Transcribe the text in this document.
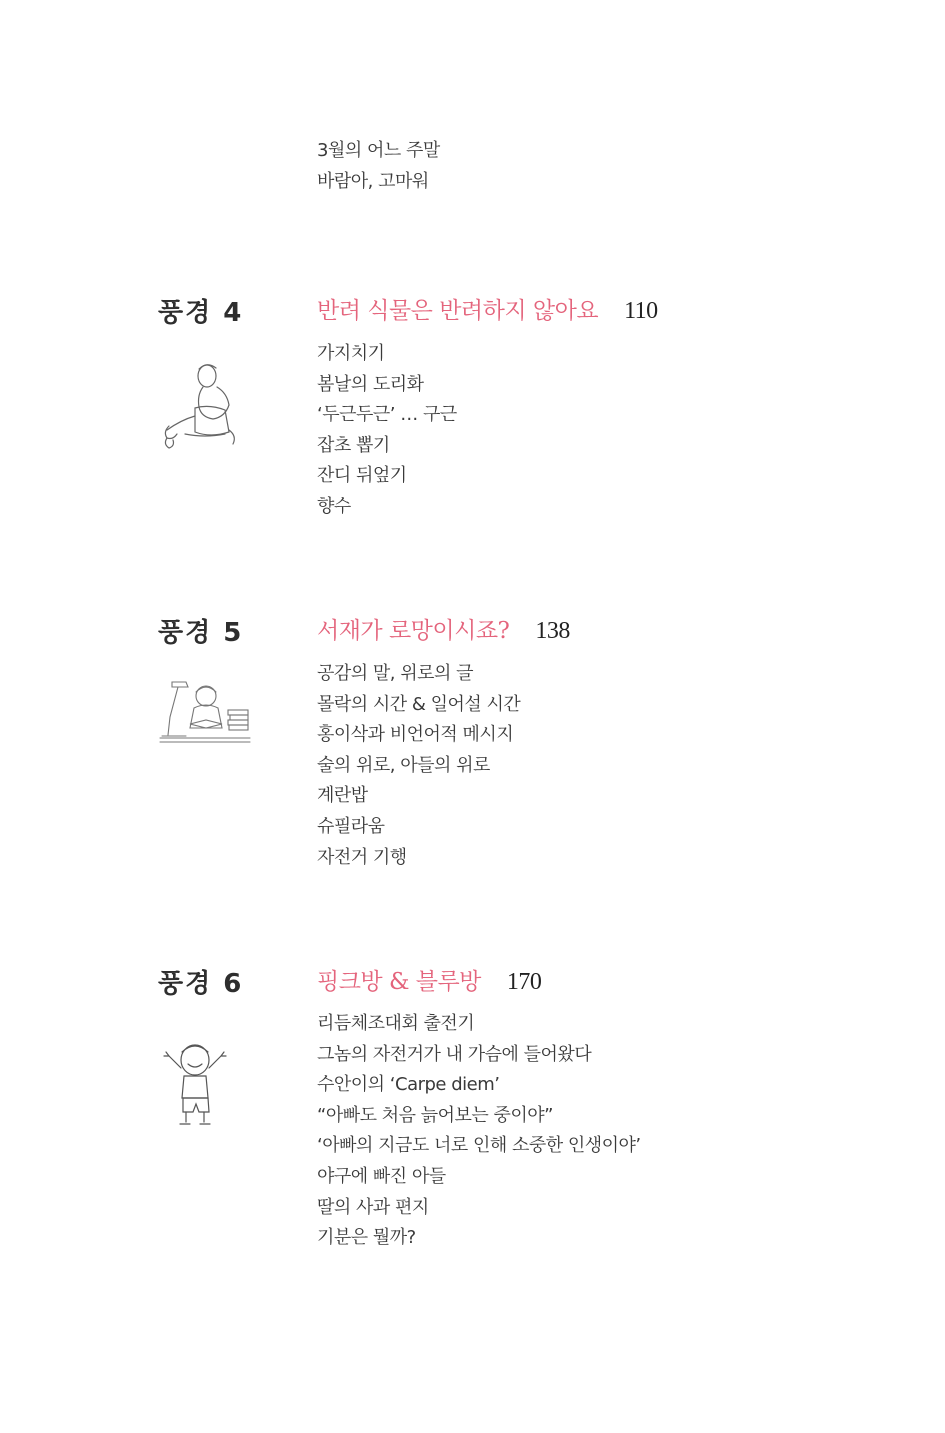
3월의 어느 주말
바람아, 고마워
풍경 4	반려 식물은 반려하지 않아요 110
가지치기
봄날의 도리화
‘두근두근’ … 구근
잡초 뽑기
잔디 뒤엎기
향수
풍경 5	서재가 로망이시죠? 138
공감의 말, 위로의 글
몰락의 시간 & 일어설 시간
홍이삭과 비언어적 메시지
술의 위로, 아들의 위로
계란밥
슈필라움
자전거 기행
풍경 6	핑크방 & 블루방 170
리듬체조대회 출전기
그놈의 자전거가 내 가슴에 들어왔다
수안이의 ‘Carpe diem’
“아빠도 처음 늙어보는 중이야”
‘아빠의 지금도 너로 인해 소중한 인생이야’
야구에 빠진 아들
딸의 사과 편지
기분은 뭘까?
